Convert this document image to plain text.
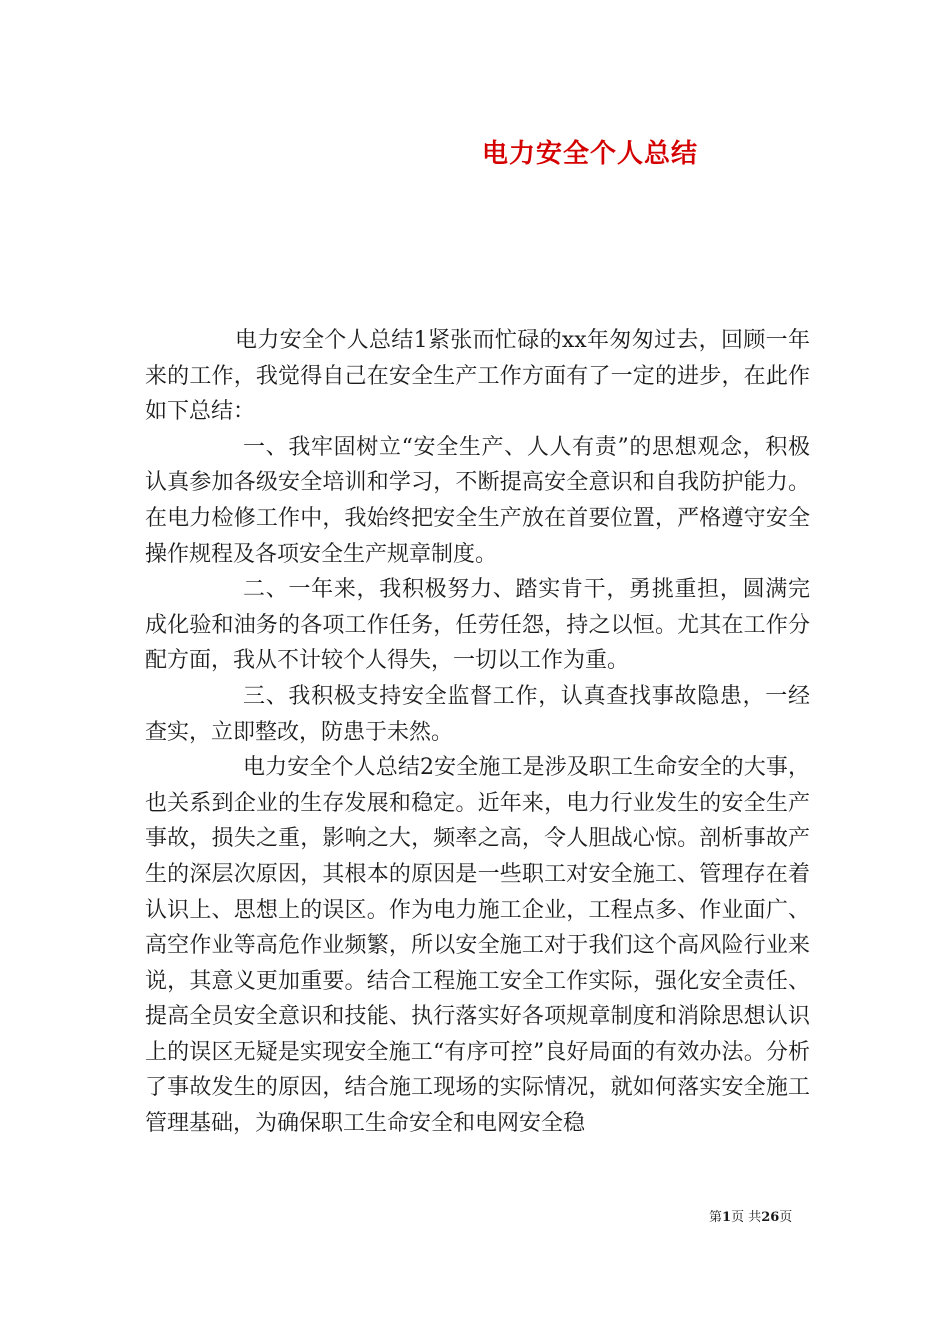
电力安全个人总结

电力安全个人总结1紧张而忙碌的xx年匆匆过去，回顾一年来的工作，我觉得自己在安全生产工作方面有了一定的进步，在此作如下总结：

一、我牢固树立“安全生产、人人有责”的思想观念，积极认真参加各级安全培训和学习，不断提高安全意识和自我防护能力。在电力检修工作中，我始终把安全生产放在首要位置，严格遵守安全操作规程及各项安全生产规章制度。

二、一年来，我积极努力、踏实肯干，勇挑重担，圆满完成化验和油务的各项工作任务，任劳任怨，持之以恒。尤其在工作分配方面，我从不计较个人得失，一切以工作为重。

三、我积极支持安全监督工作，认真查找事故隐患，一经查实，立即整改，防患于未然。

电力安全个人总结2安全施工是涉及职工生命安全的大事，也关系到企业的生存发展和稳定。近年来，电力行业发生的安全生产事故，损失之重，影响之大，频率之高，令人胆战心惊。剖析事故产生的深层次原因，其根本的原因是一些职工对安全施工、管理存在着认识上、思想上的误区。作为电力施工企业，工程点多、作业面广、高空作业等高危作业频繁，所以安全施工对于我们这个高风险行业来说，其意义更加重要。结合工程施工安全工作实际，强化安全责任、提高全员安全意识和技能、执行落实好各项规章制度和消除思想认识上的误区无疑是实现安全施工“有序可控”良好局面的有效办法。分析了事故发生的原因，结合施工现场的实际情况，就如何落实安全施工管理基础，为确保职工生命安全和电网安全稳

第1页 共26页
